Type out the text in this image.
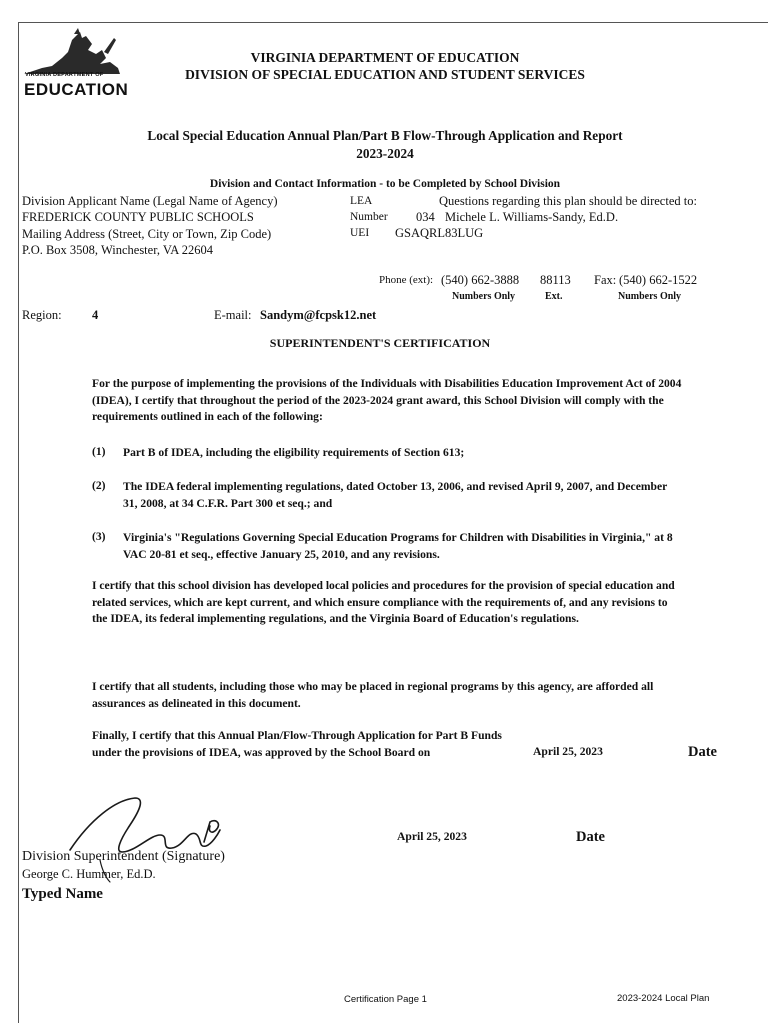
VIRGINIA DEPARTMENT OF
EDUCATION
VIRGINIA DEPARTMENT OF EDUCATION
DIVISION OF SPECIAL EDUCATION AND STUDENT SERVICES
Local Special Education Annual Plan/Part B Flow-Through Application and Report
2023-2024
Division and Contact Information - to be Completed by School Division
Division Applicant Name (Legal Name of Agency)
FREDERICK COUNTY PUBLIC SCHOOLS
Mailing Address (Street, City or Town, Zip Code)
P.O. Box 3508, Winchester, VA 22604
LEA
Number 034
UEI GSAQRL83LUG
Questions regarding this plan should be directed to:
Michele L. Williams-Sandy, Ed.D.
Phone (ext): (540) 662-3888 88113 Fax: (540) 662-1522
Numbers Only	Ext.	Numbers Only
Region: 4	E-mail: Sandym@fcpsk12.net
SUPERINTENDENT'S CERTIFICATION
For the purpose of implementing the provisions of the Individuals with Disabilities Education Improvement Act of 2004 (IDEA), I certify that throughout the period of the 2023-2024 grant award, this School Division will comply with the requirements outlined in each of the following:
(1) Part B of IDEA, including the eligibility requirements of Section 613;
(2) The IDEA federal implementing regulations, dated October 13, 2006, and revised April 9, 2007, and December 31, 2008, at 34 C.F.R. Part 300 et seq.; and
(3) Virginia's "Regulations Governing Special Education Programs for Children with Disabilities in Virginia," at 8 VAC 20-81 et seq., effective January 25, 2010, and any revisions.
I certify that this school division has developed local policies and procedures for the provision of special education and related services, which are kept current, and which ensure compliance with the requirements of, and any revisions to the IDEA, its federal implementing regulations, and the Virginia Board of Education's regulations.
I certify that all students, including those who may be placed in regional programs by this agency, are afforded all assurances as delineated in this document.
Finally, I certify that this Annual Plan/Flow-Through Application for Part B Funds under the provisions of IDEA, was approved by the School Board on	April 25, 2023	Date
April 25, 2023	Date
Division Superintendent (Signature)
George C. Hummer, Ed.D.
Typed Name
Certification Page 1	2023-2024 Local Plan
